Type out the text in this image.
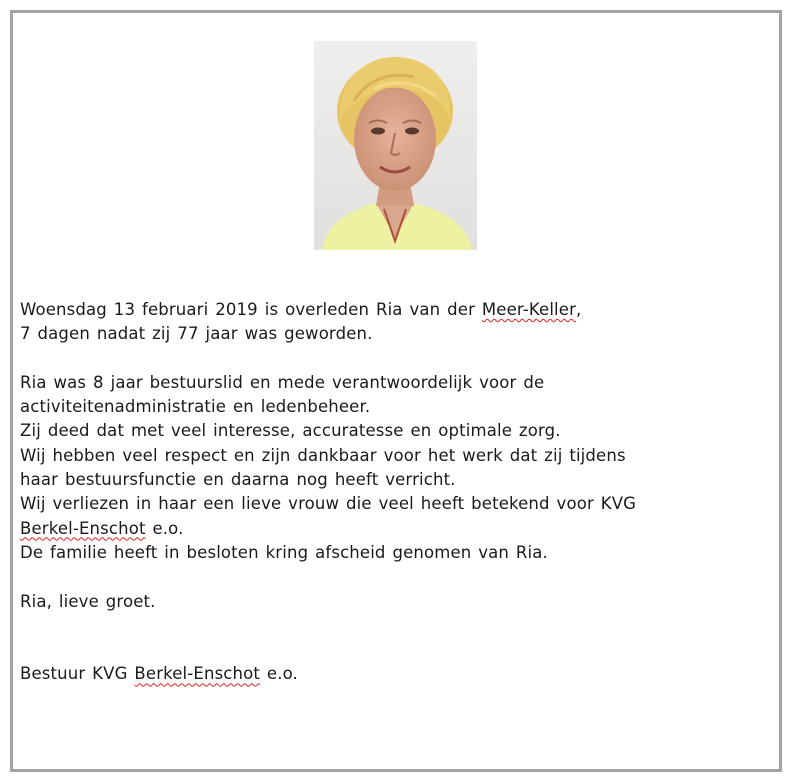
Woensdag 13 februari 2019 is overleden Ria van der Meer-Keller,

7 dagen nadat zij 77 jaar was geworden.

Ria was 8 jaar bestuurslid en mede verantwoordelijk voor de

activiteitenadministratie en ledenbeheer.

Zij deed dat met veel interesse, accuratesse en optimale zorg.

Wij hebben veel respect en zijn dankbaar voor het werk dat zij tijdens

haar bestuursfunctie en daarna nog heeft verricht.

Wij verliezen in haar een lieve vrouw die veel heeft betekend voor KVG

Berkel-Enschot e.o.

De familie heeft in besloten kring afscheid genomen van Ria.

Ria, lieve groet.

Bestuur KVG Berkel-Enschot e.o.
